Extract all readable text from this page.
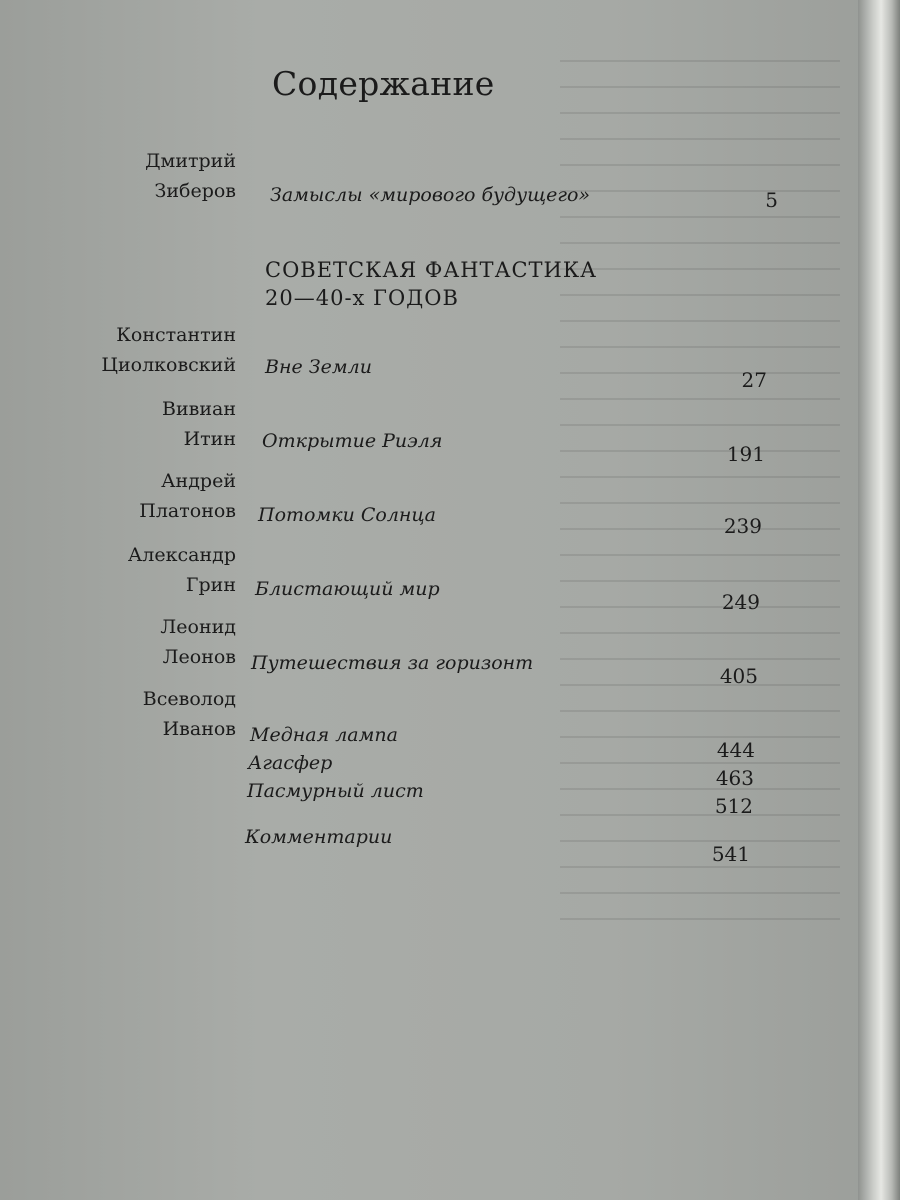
Содержание
Дмитрий
Зиберов Замыслы «мирового будущего»	5
СОВЕТСКАЯ ФАНТАСТИКА
20—40-х ГОДОВ
Константин
Циолковский Вне Земли
27
Вивиан
Итин Открытие Риэля
191
Андрей
Платонов Потомки Солнца	239
Александр
Грин Блистающий мир
249
Леонид
Леонов Путешествия за горизонт
405
Всеволод
Иванов Медная лампа
444
Агасфер
463
Пасмурный лист
512
Комментарии
541
